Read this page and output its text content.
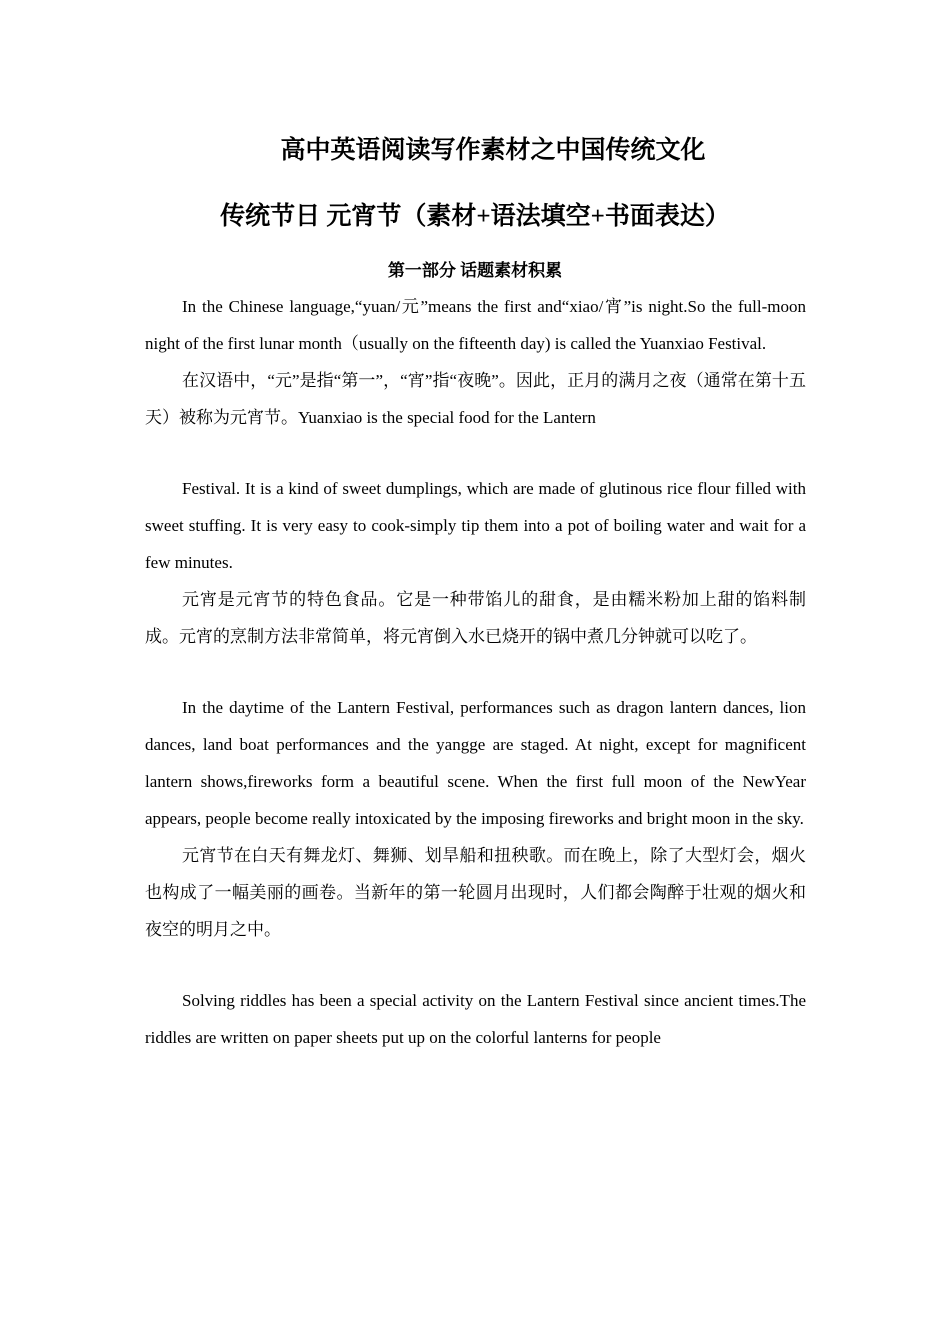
高中英语阅读写作素材之中国传统文化
传统节日 元宵节（素材+语法填空+书面表达）
第一部分 话题素材积累

In the Chinese language,“yuan/元”means the first and“xiao/宵”is night.So the full-moon night of the first lunar month（usually on the fifteenth day) is called the Yuanxiao Festival.

在汉语中，“元”是指“第一”，“宵”指“夜晚”。因此，正月的满月之夜（通常在第十五天）被称为元宵节。Yuanxiao is the special food for the Lantern

Festival. It is a kind of sweet dumplings, which are made of glutinous rice flour filled with sweet stuffing. It is very easy to cook-simply tip them into a pot of boiling water and wait for a few minutes.

元宵是元宵节的特色食品。它是一种带馅儿的甜食，是由糯米粉加上甜的馅料制成。元宵的烹制方法非常简单，将元宵倒入水已烧开的锅中煮几分钟就可以吃了。

In the daytime of the Lantern Festival, performances such as dragon lantern dances, lion dances, land boat performances and the yangge are staged. At night, except for magnificent lantern shows,fireworks form a beautiful scene. When the first full moon of the NewYear appears, people become really intoxicated by the imposing fireworks and bright moon in the sky.

元宵节在白天有舞龙灯、舞狮、划旱船和扭秧歌。而在晚上，除了大型灯会，烟火也构成了一幅美丽的画卷。当新年的第一轮圆月出现时，人们都会陶醉于壮观的烟火和夜空的明月之中。

Solving riddles has been a special activity on the Lantern Festival since ancient times.The riddles are written on paper sheets put up on the colorful lanterns for people
